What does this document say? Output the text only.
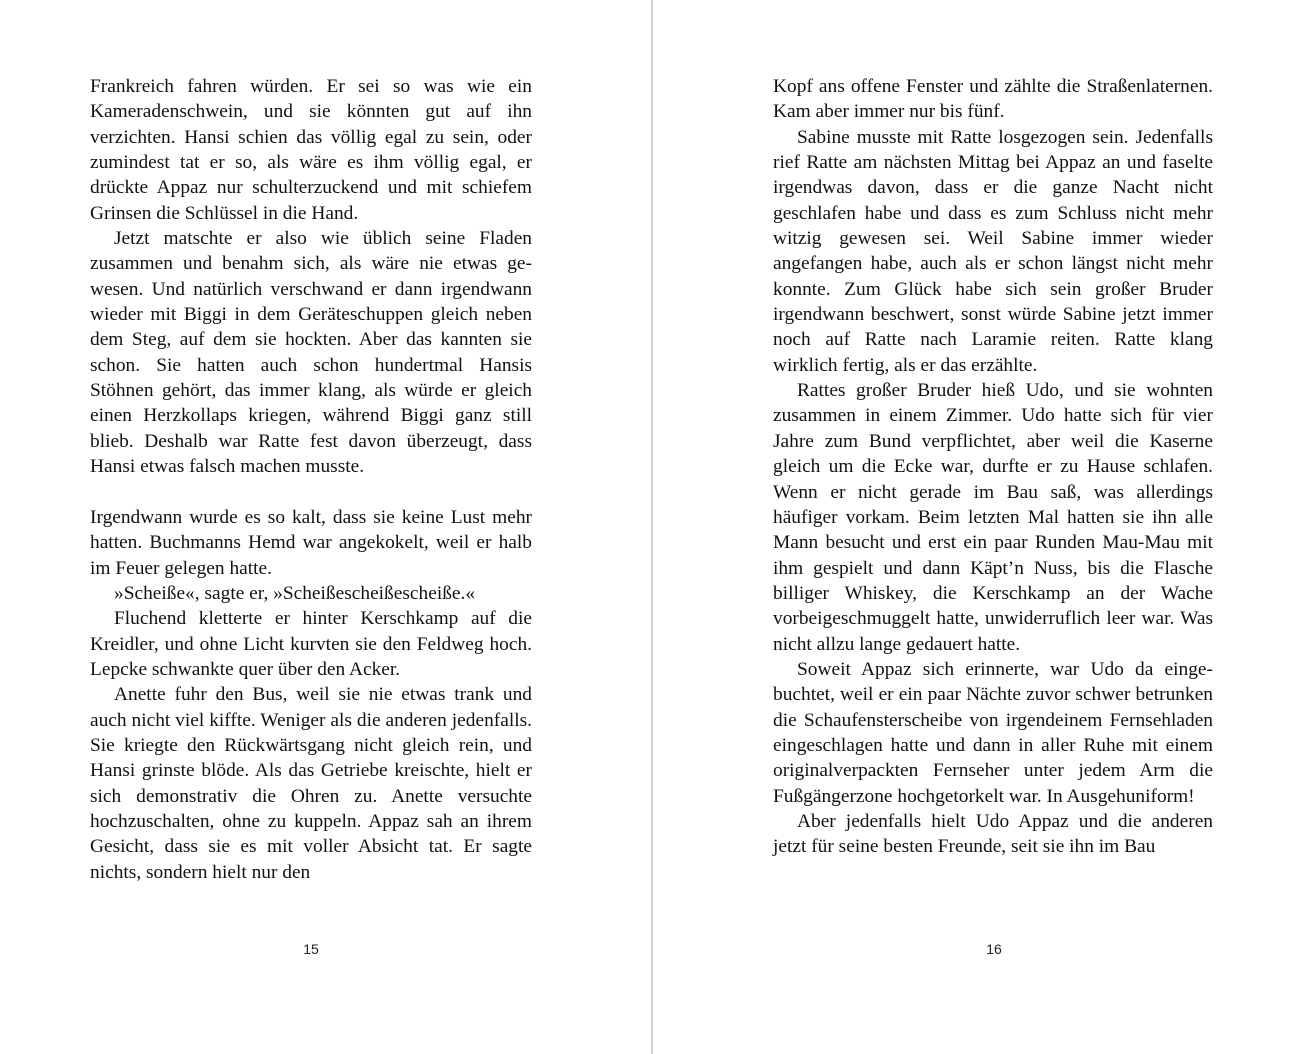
Frankreich fahren würden. Er sei so was wie ein Kameradenschwein, und sie könnten gut auf ihn verzichten. Hansi schien das völlig egal zu sein, oder zumindest tat er so, als wäre es ihm völlig egal, er drückte Appaz nur schulterzuckend und mit schiefem Grinsen die Schlüssel in die Hand.

Jetzt matschte er also wie üblich seine Fladen zusammen und benahm sich, als wäre nie etwas gewesen. Und natürlich verschwand er dann irgendwann wieder mit Biggi in dem Geräteschuppen gleich neben dem Steg, auf dem sie hockten. Aber das kannten sie schon. Sie hatten auch schon hundertmal Hansis Stöhnen gehört, das immer klang, als würde er gleich einen Herzkollaps kriegen, während Biggi ganz still blieb. Deshalb war Ratte fest davon überzeugt, dass Hansi etwas falsch machen musste.

Irgendwann wurde es so kalt, dass sie keine Lust mehr hatten. Buchmanns Hemd war angekokelt, weil er halb im Feuer gelegen hatte.

»Scheiße«, sagte er, »Scheißescheißescheiße.«

Fluchend kletterte er hinter Kerschkamp auf die Kreidler, und ohne Licht kurvten sie den Feldweg hoch. Lepcke schwankte quer über den Acker.

Anette fuhr den Bus, weil sie nie etwas trank und auch nicht viel kiffte. Weniger als die anderen jedenfalls. Sie kriegte den Rückwärtsgang nicht gleich rein, und Hansi grinste blöde. Als das Getriebe kreischte, hielt er sich demonstrativ die Ohren zu. Anette versuchte hochzuschalten, ohne zu kuppeln. Appaz sah an ihrem Gesicht, dass sie es mit voller Absicht tat. Er sagte nichts, sondern hielt nur den

15

Kopf ans offene Fenster und zählte die Straßenlaternen. Kam aber immer nur bis fünf.

Sabine musste mit Ratte losgezogen sein. Jedenfalls rief Ratte am nächsten Mittag bei Appaz an und faselte irgendwas davon, dass er die ganze Nacht nicht geschlafen habe und dass es zum Schluss nicht mehr witzig gewesen sei. Weil Sabine immer wieder angefangen habe, auch als er schon längst nicht mehr konnte. Zum Glück habe sich sein großer Bruder irgendwann beschwert, sonst würde Sabine jetzt immer noch auf Ratte nach Laramie reiten. Ratte klang wirklich fertig, als er das erzählte.

Rattes großer Bruder hieß Udo, und sie wohnten zusammen in einem Zimmer. Udo hatte sich für vier Jahre zum Bund verpflichtet, aber weil die Kaserne gleich um die Ecke war, durfte er zu Hause schlafen. Wenn er nicht gerade im Bau saß, was allerdings häufiger vorkam. Beim letzten Mal hatten sie ihn alle Mann besucht und erst ein paar Runden Mau-Mau mit ihm gespielt und dann Käpt’n Nuss, bis die Flasche billiger Whiskey, die Kerschkamp an der Wache vorbeigeschmuggelt hatte, unwiderruflich leer war. Was nicht allzu lange gedauert hatte.

Soweit Appaz sich erinnerte, war Udo da eingebuchtet, weil er ein paar Nächte zuvor schwer betrunken die Schaufensterscheibe von irgendeinem Fernsehladen eingeschlagen hatte und dann in aller Ruhe mit einem originalverpackten Fernseher unter jedem Arm die Fußgängerzone hochgetorkelt war. In Ausgehuniform!

Aber jedenfalls hielt Udo Appaz und die anderen jetzt für seine besten Freunde, seit sie ihn im Bau

16
